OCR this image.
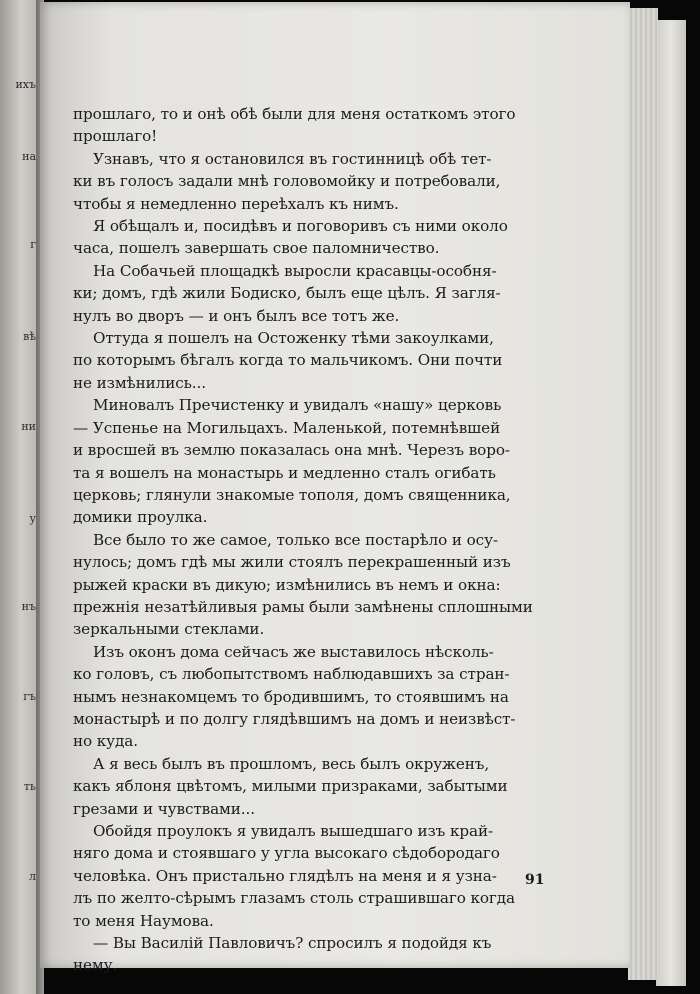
ихъ
на
г
вѣ
ни
у
нъ
гъ
ть
л
прошлаго, то и онѣ обѣ были для меня остаткомъ этого
прошлаго!
Узнавъ, что я остановился въ гостинницѣ обѣ тет-
ки въ голосъ задали мнѣ головомойку и потребовали,
чтобы я немедленно переѣхалъ къ нимъ.
Я обѣщалъ и, посидѣвъ и поговоривъ съ ними около
часа, пошелъ завершать свое паломничество.
На Собачьей площадкѣ выросли красавцы-особня-
ки; домъ, гдѣ жили Бодиско, былъ еще цѣлъ. Я загля-
нулъ во дворъ — и онъ былъ все тотъ же.
Оттуда я пошелъ на Остоженку тѣми закоулками,
по которымъ бѣгалъ когда то мальчикомъ. Они почти
не измѣнились...
Миновалъ Пречистенку и увидалъ «нашу» церковь
— Успенье на Могильцахъ. Маленькой, потемнѣвшей
и вросшей въ землю показалась она мнѣ. Черезъ воро-
та я вошелъ на монастырь и медленно сталъ огибать
церковь; глянули знакомые тополя, домъ священника,
домики проулка.
Все было то же самое, только все постарѣло и осу-
нулось; домъ гдѣ мы жили стоялъ перекрашенный изъ
рыжей краски въ дикую; измѣнились въ немъ и окна:
прежнія незатѣйливыя рамы были замѣнены сплошными
зеркальными стеклами.
Изъ оконъ дома сейчасъ же выставилось нѣсколь-
ко головъ, съ любопытствомъ наблюдавшихъ за стран-
нымъ незнакомцемъ то бродившимъ, то стоявшимъ на
монастырѣ и по долгу глядѣвшимъ на домъ и неизвѣст-
но куда.
А я весь былъ въ прошломъ, весь былъ окруженъ,
какъ яблоня цвѣтомъ, милыми призраками, забытыми
грезами и чувствами...
Обойдя проулокъ я увидалъ вышедшаго изъ край-
няго дома и стоявшаго у угла высокаго сѣдобородаго
человѣка. Онъ пристально глядѣлъ на меня и я узна-
лъ по желто-сѣрымъ глазамъ столь страшившаго когда
то меня Наумова.
— Вы Василій Павловичъ? спросилъ я подойдя къ
нему.
91
